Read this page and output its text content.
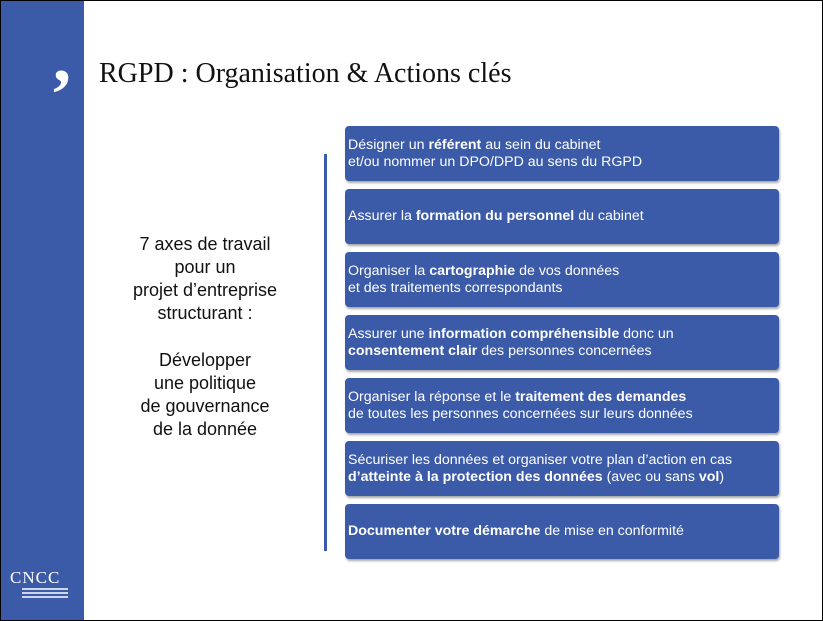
,
CNCC
RGPD : Organisation & Actions clés
7 axes de travail
pour un
projet d’entreprise
structurant :
Développer
une politique
de gouvernance
de la donnée
Désigner un référent au sein du cabinet
et/ou nommer un DPO/DPD au sens du RGPD
Assurer la formation du personnel du cabinet
Organiser la cartographie de vos données
et des traitements correspondants
Assurer une information compréhensible donc un
consentement clair des personnes concernées
Organiser la réponse et le traitement des demandes
de toutes les personnes concernées sur leurs données
Sécuriser les données et organiser votre plan d’action en cas d’atteinte à la protection des données (avec ou sans vol)
Documenter votre démarche de mise en conformité
